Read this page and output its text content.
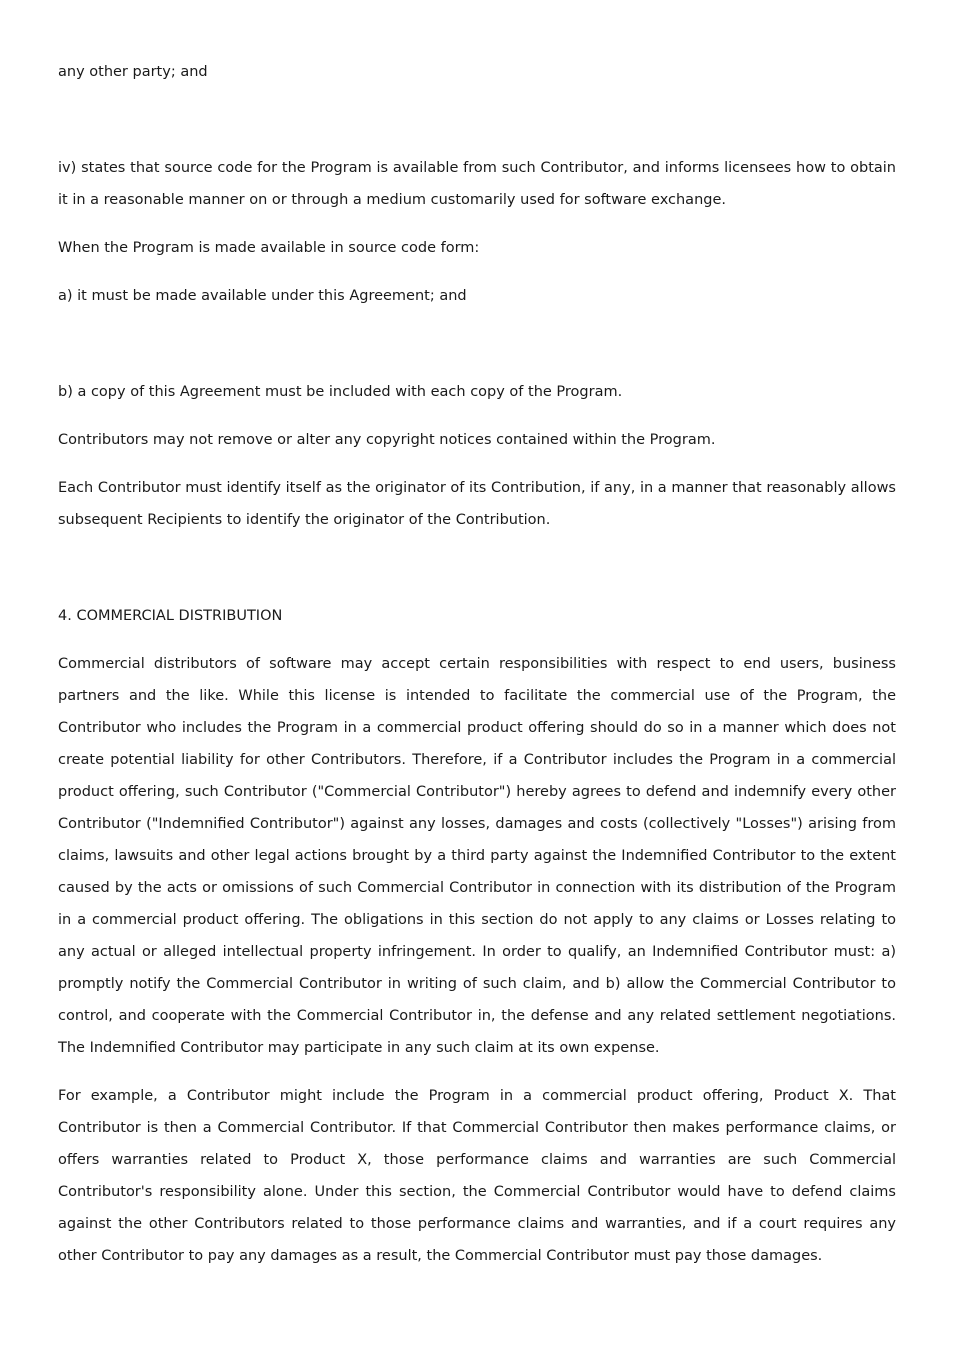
any other party; and

iv) states that source code for the Program is available from such Contributor, and informs licensees how to obtain it in a reasonable manner on or through a medium customarily used for software exchange.

When the Program is made available in source code form:

a) it must be made available under this Agreement; and

b) a copy of this Agreement must be included with each copy of the Program.

Contributors may not remove or alter any copyright notices contained within the Program.

Each Contributor must identify itself as the originator of its Contribution, if any, in a manner that reasonably allows subsequent Recipients to identify the originator of the Contribution.

4. COMMERCIAL DISTRIBUTION

Commercial distributors of software may accept certain responsibilities with respect to end users, business partners and the like. While this license is intended to facilitate the commercial use of the Program, the Contributor who includes the Program in a commercial product offering should do so in a manner which does not create potential liability for other Contributors. Therefore, if a Contributor includes the Program in a commercial product offering, such Contributor ("Commercial Contributor") hereby agrees to defend and indemnify every other Contributor ("Indemnified Contributor") against any losses, damages and costs (collectively "Losses") arising from claims, lawsuits and other legal actions brought by a third party against the Indemnified Contributor to the extent caused by the acts or omissions of such Commercial Contributor in connection with its distribution of the Program in a commercial product offering. The obligations in this section do not apply to any claims or Losses relating to any actual or alleged intellectual property infringement. In order to qualify, an Indemnified Contributor must: a) promptly notify the Commercial Contributor in writing of such claim, and b) allow the Commercial Contributor to control, and cooperate with the Commercial Contributor in, the defense and any related settlement negotiations. The Indemnified Contributor may participate in any such claim at its own expense.

For example, a Contributor might include the Program in a commercial product offering, Product X. That Contributor is then a Commercial Contributor. If that Commercial Contributor then makes performance claims, or offers warranties related to Product X, those performance claims and warranties are such Commercial Contributor's responsibility alone. Under this section, the Commercial Contributor would have to defend claims against the other Contributors related to those performance claims and warranties, and if a court requires any other Contributor to pay any damages as a result, the Commercial Contributor must pay those damages.
